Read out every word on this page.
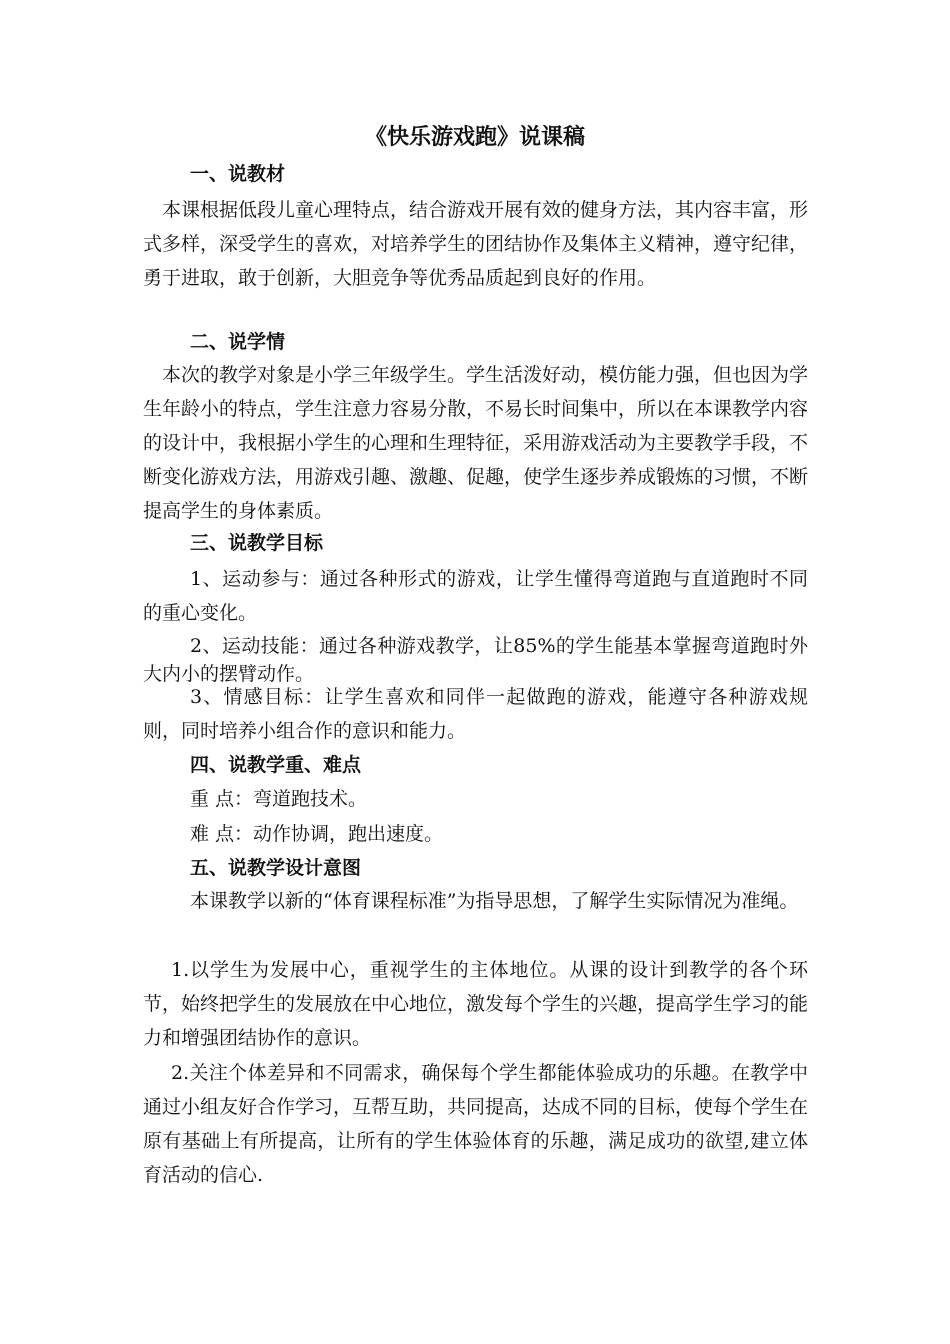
《快乐游戏跑》说课稿
一、说教材

本课根据低段儿童心理特点，结合游戏开展有效的健身方法，其内容丰富，形式多样，深受学生的喜欢，对培养学生的团结协作及集体主义精神，遵守纪律，勇于进取，敢于创新，大胆竞争等优秀品质起到良好的作用。

二、说学情

本次的教学对象是小学三年级学生。学生活泼好动，模仿能力强，但也因为学生年龄小的特点，学生注意力容易分散，不易长时间集中，所以在本课教学内容的设计中，我根据小学生的心理和生理特征，采用游戏活动为主要教学手段，不断变化游戏方法，用游戏引趣、激趣、促趣，使学生逐步养成锻炼的习惯，不断提高学生的身体素质。

三、说教学目标

1、运动参与：通过各种形式的游戏，让学生懂得弯道跑与直道跑时不同的重心变化。

2、运动技能：通过各种游戏教学，让85%的学生能基本掌握弯道跑时外大内小的摆臂动作。

3、情感目标：让学生喜欢和同伴一起做跑的游戏，能遵守各种游戏规则，同时培养小组合作的意识和能力。

四、说教学重、难点
重 点：弯道跑技术。
难 点：动作协调，跑出速度。
五、说教学设计意图

本课教学以新的“体育课程标准”为指导思想，了解学生实际情况为准绳。

1.以学生为发展中心，重视学生的主体地位。从课的设计到教学的各个环节，始终把学生的发展放在中心地位，激发每个学生的兴趣，提高学生学习的能力和增强团结协作的意识。

2.关注个体差异和不同需求，确保每个学生都能体验成功的乐趣。在教学中通过小组友好合作学习，互帮互助，共同提高，达成不同的目标，使每个学生在原有基础上有所提高，让所有的学生体验体育的乐趣，满足成功的欲望,建立体育活动的信心.
